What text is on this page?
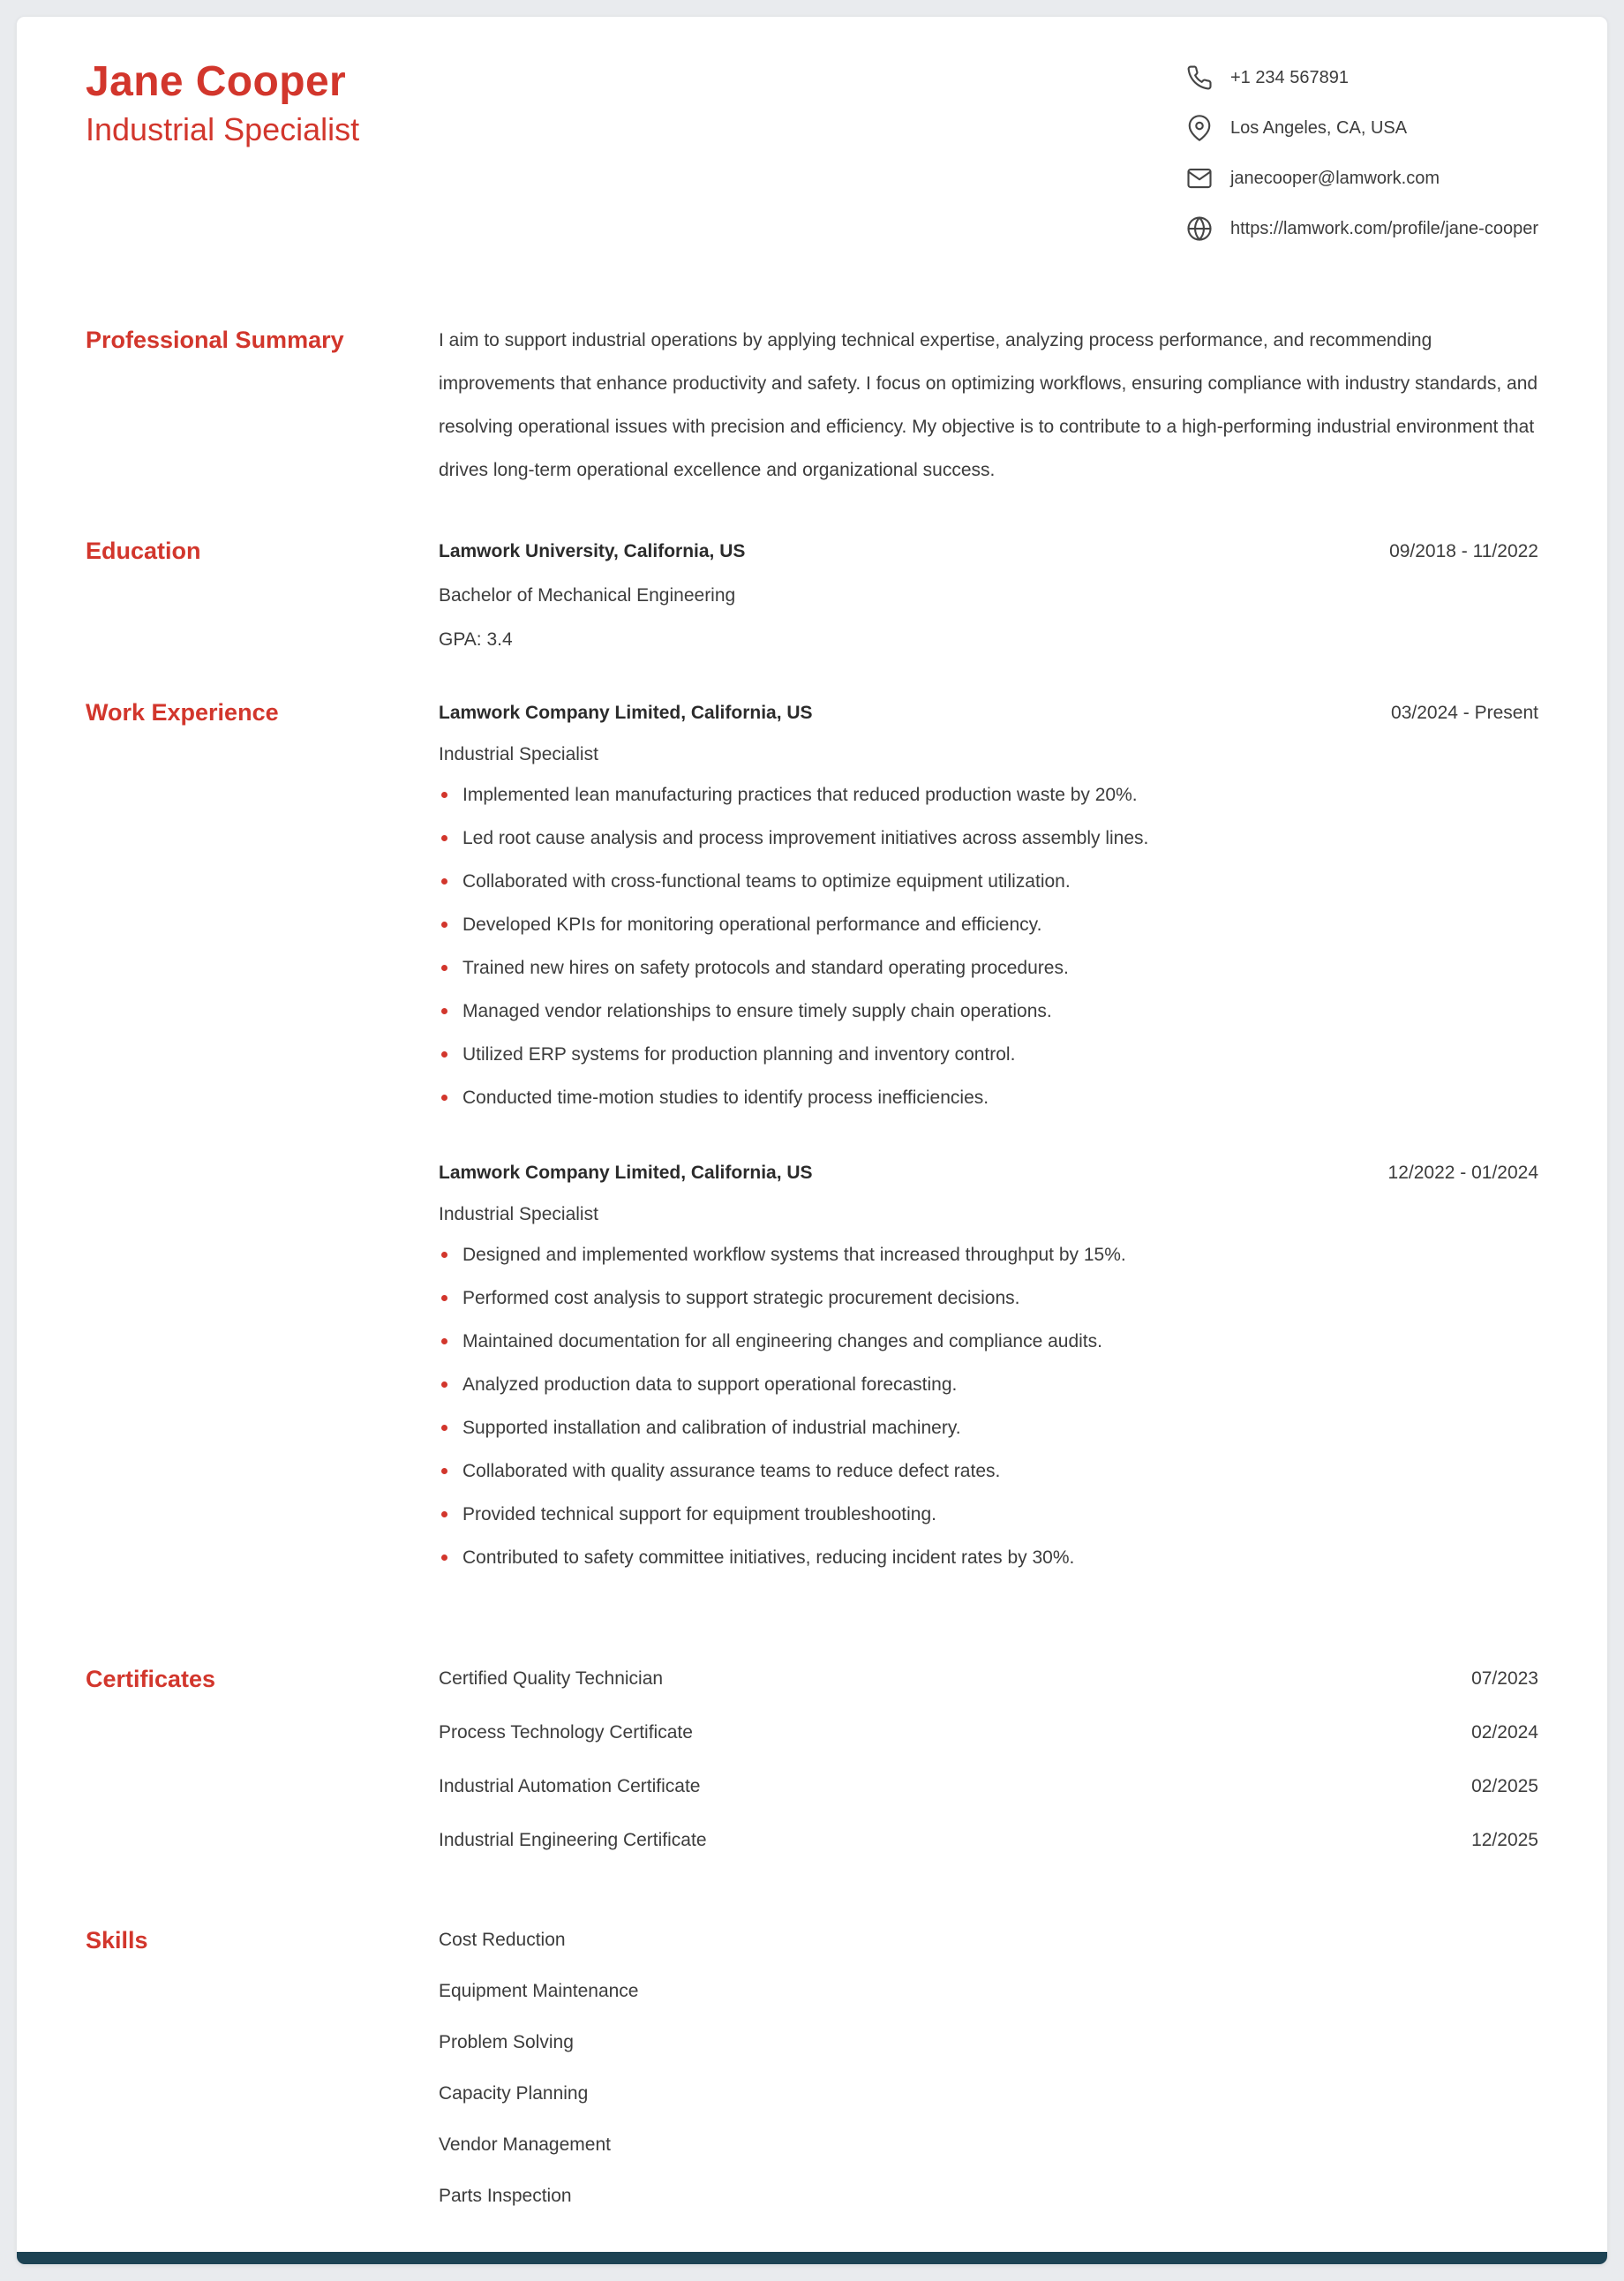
Jane Cooper
Industrial Specialist
+1 234 567891
Los Angeles, CA, USA
janecooper@lamwork.com
https://lamwork.com/profile/jane-cooper
Professional Summary	I aim to support industrial operations by applying technical expertise, analyzing process performance, and recommending improvements that enhance productivity and safety. I focus on optimizing workflows, ensuring compliance with industry standards, and resolving operational issues with precision and efficiency. My objective is to contribute to a high-performing industrial environment that drives long-term operational excellence and organizational success.

Education	Lamwork University, California, US	09/2018 - 11/2022
Bachelor of Mechanical Engineering
GPA: 3.4
Work Experience	Lamwork Company Limited, California, US	03/2024 - Present
Industrial Specialist
Implemented lean manufacturing practices that reduced production waste by 20%.
Led root cause analysis and process improvement initiatives across assembly lines.
Collaborated with cross-functional teams to optimize equipment utilization.
Developed KPIs for monitoring operational performance and efficiency.
Trained new hires on safety protocols and standard operating procedures.
Managed vendor relationships to ensure timely supply chain operations.
Utilized ERP systems for production planning and inventory control.
Conducted time-motion studies to identify process inefficiencies.
Lamwork Company Limited, California, US	12/2022 - 01/2024
Industrial Specialist
Designed and implemented workflow systems that increased throughput by 15%.
Performed cost analysis to support strategic procurement decisions.
Maintained documentation for all engineering changes and compliance audits.
Analyzed production data to support operational forecasting.
Supported installation and calibration of industrial machinery.
Collaborated with quality assurance teams to reduce defect rates.
Provided technical support for equipment troubleshooting.
Contributed to safety committee initiatives, reducing incident rates by 30%.
Certificates	Certified Quality Technician	07/2023
Process Technology Certificate	02/2024
Industrial Automation Certificate	02/2025
Industrial Engineering Certificate	12/2025
Skills	Cost Reduction
Equipment Maintenance
Problem Solving
Capacity Planning
Vendor Management
Parts Inspection
